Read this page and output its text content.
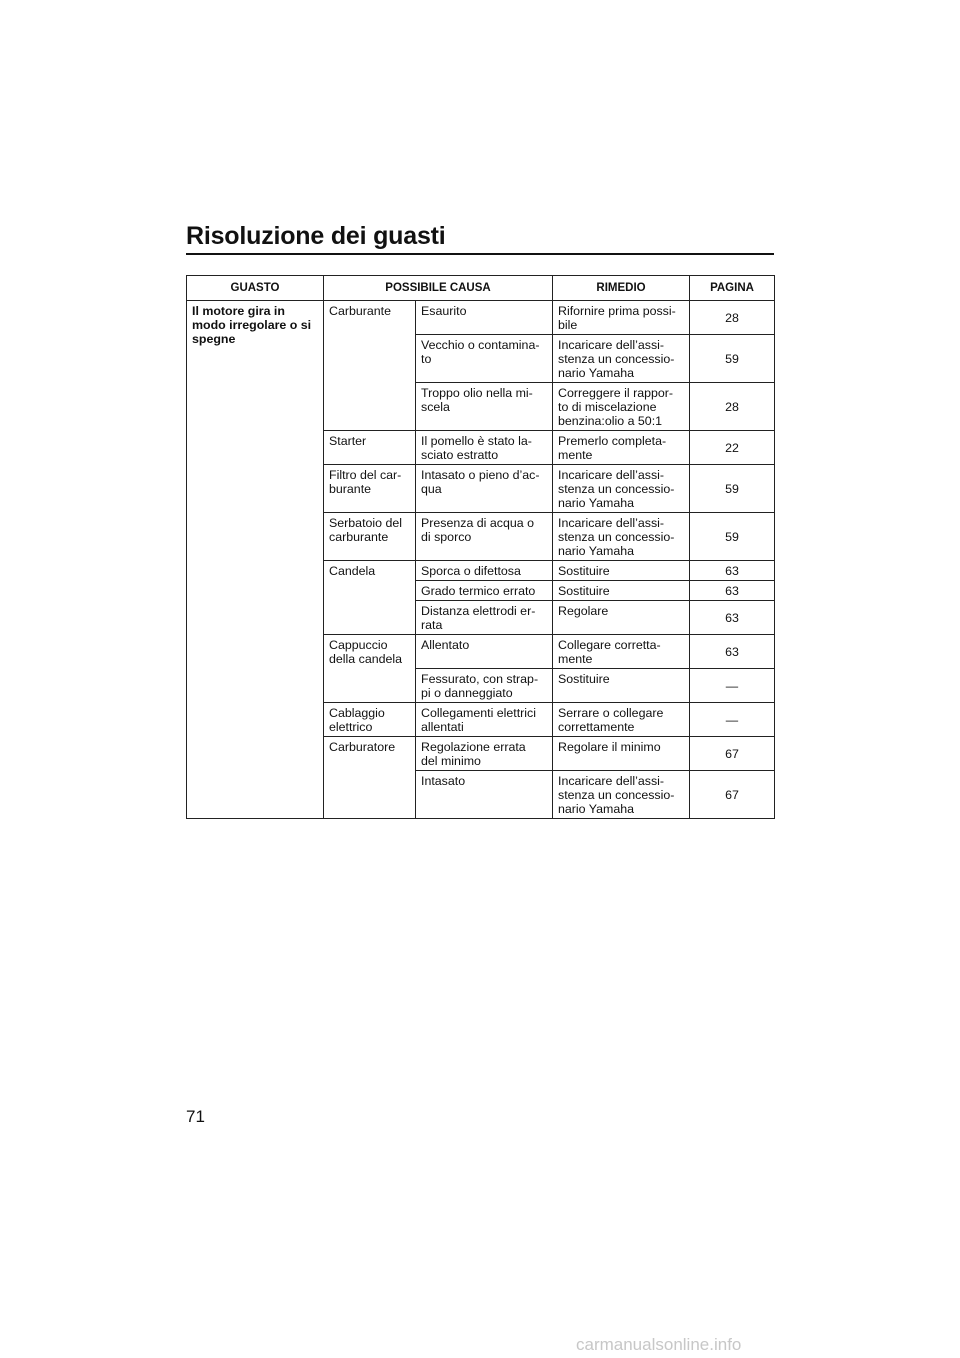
Risoluzione dei guasti
GUASTO	POSSIBILE CAUSA		RIMEDIO	PAGINA
Il motore gira in
modo irregolare o si
spegne	Carburante	Esaurito	Rifornire prima possi-
bile	28
		Vecchio o contamina-
to	Incaricare dell’assi-
stenza un concessio-
nario Yamaha	59
		Troppo olio nella mi-
scela	Correggere il rappor-
to di miscelazione
benzina:olio a 50:1	28
	Starter	Il pomello è stato la-
sciato estratto	Premerlo completa-
mente	22
	Filtro del car-
burante	Intasato o pieno d’ac-
qua	Incaricare dell’assi-
stenza un concessio-
nario Yamaha	59
	Serbatoio del
carburante	Presenza di acqua o
di sporco	Incaricare dell’assi-
stenza un concessio-
nario Yamaha	59
	Candela	Sporca o difettosa	Sostituire	63
		Grado termico errato	Sostituire	63
		Distanza elettrodi er-
rata	Regolare	63
	Cappuccio
della candela	Allentato	Collegare corretta-
mente	63
		Fessurato, con strap-
pi o danneggiato	Sostituire	—
	Cablaggio
elettrico	Collegamenti elettrici
allentati	Serrare o collegare
correttamente	—
	Carburatore	Regolazione errata
del minimo	Regolare il minimo	67
		Intasato	Incaricare dell’assi-
stenza un concessio-
nario Yamaha	67
71
carmanualsonline.info
